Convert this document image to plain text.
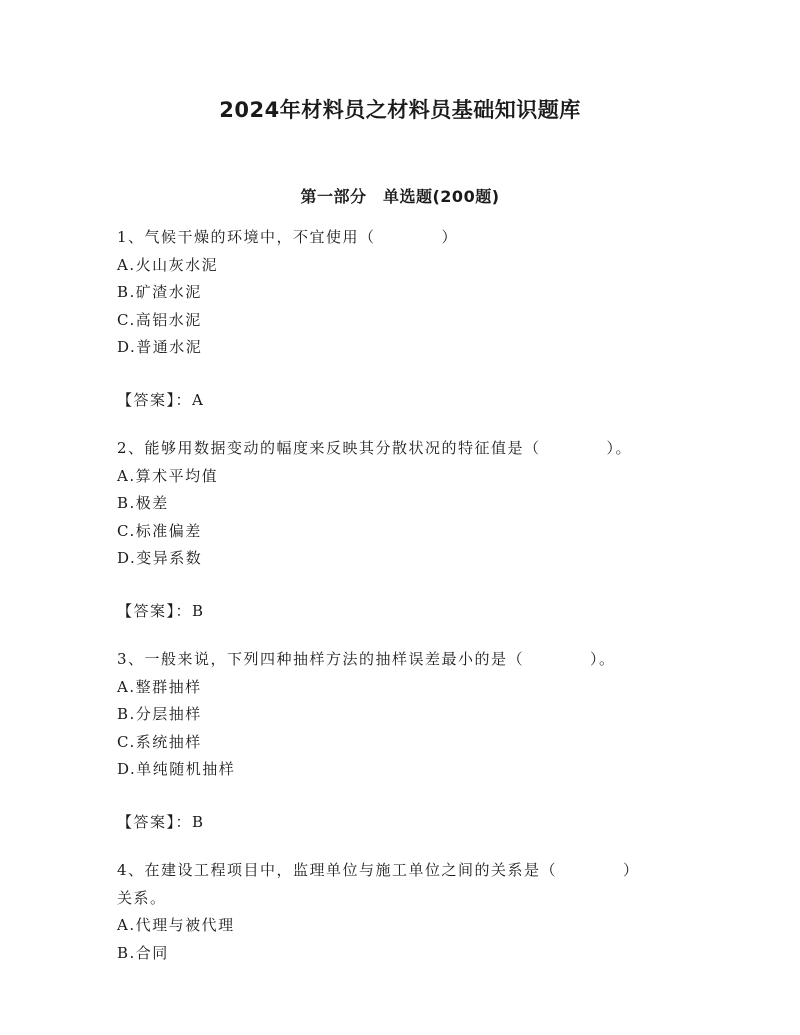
2024年材料员之材料员基础知识题库
第一部分　单选题(200题)
1、气候干燥的环境中，不宜使用（　　　　）
A.火山灰水泥
B.矿渣水泥
C.高铝水泥
D.普通水泥
【答案】：A
2、能够用数据变动的幅度来反映其分散状况的特征值是（　　　　）。
A.算术平均值
B.极差
C.标准偏差
D.变异系数
【答案】：B
3、一般来说，下列四种抽样方法的抽样误差最小的是（　　　　）。
A.整群抽样
B.分层抽样
C.系统抽样
D.单纯随机抽样
【答案】：B
4、在建设工程项目中，监理单位与施工单位之间的关系是（　　　　）
关系。
A.代理与被代理
B.合同
